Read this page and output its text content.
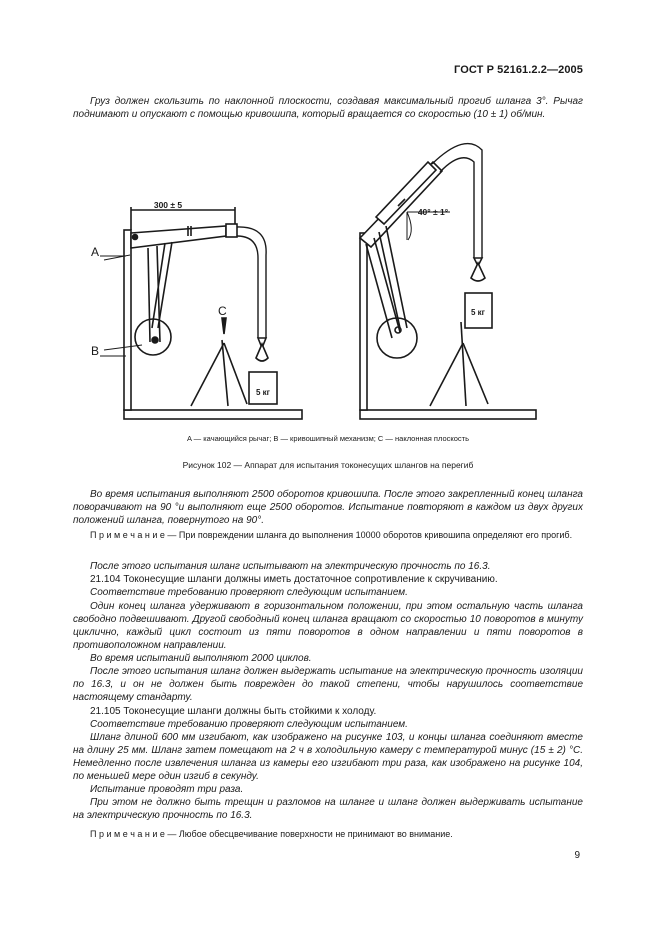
ГОСТ Р 52161.2.2—2005

Груз должен скользить по наклонной плоскости, создавая максимальный прогиб шланга 3°. Рычаг поднимают и опускают с помощью кривошипа, который вращается со скоростью (10 ± 1) об/мин.

300 ± 5
40° ± 1°
A
B
C
5 кг
5 кг
A — качающийся рычаг; B — кривошипный механизм; C — наклонная плоскость
Рисунок 102 — Аппарат для испытания токонесущих шлангов на перегиб

Во время испытания выполняют 2500 оборотов кривошипа. После этого закрепленный конец шланга поворачивают на 90 °и выполняют еще 2500 оборотов. Испытание повторяют в каждом из двух других положений шланга, повернутого на 90°.

П р и м е ч а н и е — При повреждении шланга до выполнения 10000 оборотов кривошипа определяют его прогиб.

После этого испытания шланг испытывают на электрическую прочность по 16.3.

21.104 Токонесущие шланги должны иметь достаточное сопротивление к скручиванию.

Соответствие требованию проверяют следующим испытанием.

Один конец шланга удерживают в горизонтальном положении, при этом остальную часть шланга свободно подвешивают. Другой свободный конец шланга вращают со скоростью 10 поворотов в минуту циклично, каждый цикл состоит из пяти поворотов в одном направлении и пяти поворотов в противоположном направлении.

Во время испытаний выполняют 2000 циклов.

После этого испытания шланг должен выдержать испытание на электрическую прочность изоляции по 16.3, и он не должен быть поврежден до такой степени, чтобы нарушилось соответствие настоящему стандарту.

21.105 Токонесущие шланги должны быть стойкими к холоду.

Соответствие требованию проверяют следующим испытанием.

Шланг длиной 600 мм изгибают, как изображено на рисунке 103, и концы шланга соединяют вместе на длину 25 мм. Шланг затем помещают на 2 ч в холодильную камеру с температурой минус (15 ± 2) °С. Немедленно после извлечения шланга из камеры его изгибают три раза, как изображено на рисунке 104, по меньшей мере один изгиб в секунду.

Испытание проводят три раза.

При этом не должно быть трещин и разломов на шланге и шланг должен выдерживать испытание на электрическую прочность по 16.3.

П р и м е ч а н и е — Любое обесцвечивание поверхности не принимают во внимание.

9
